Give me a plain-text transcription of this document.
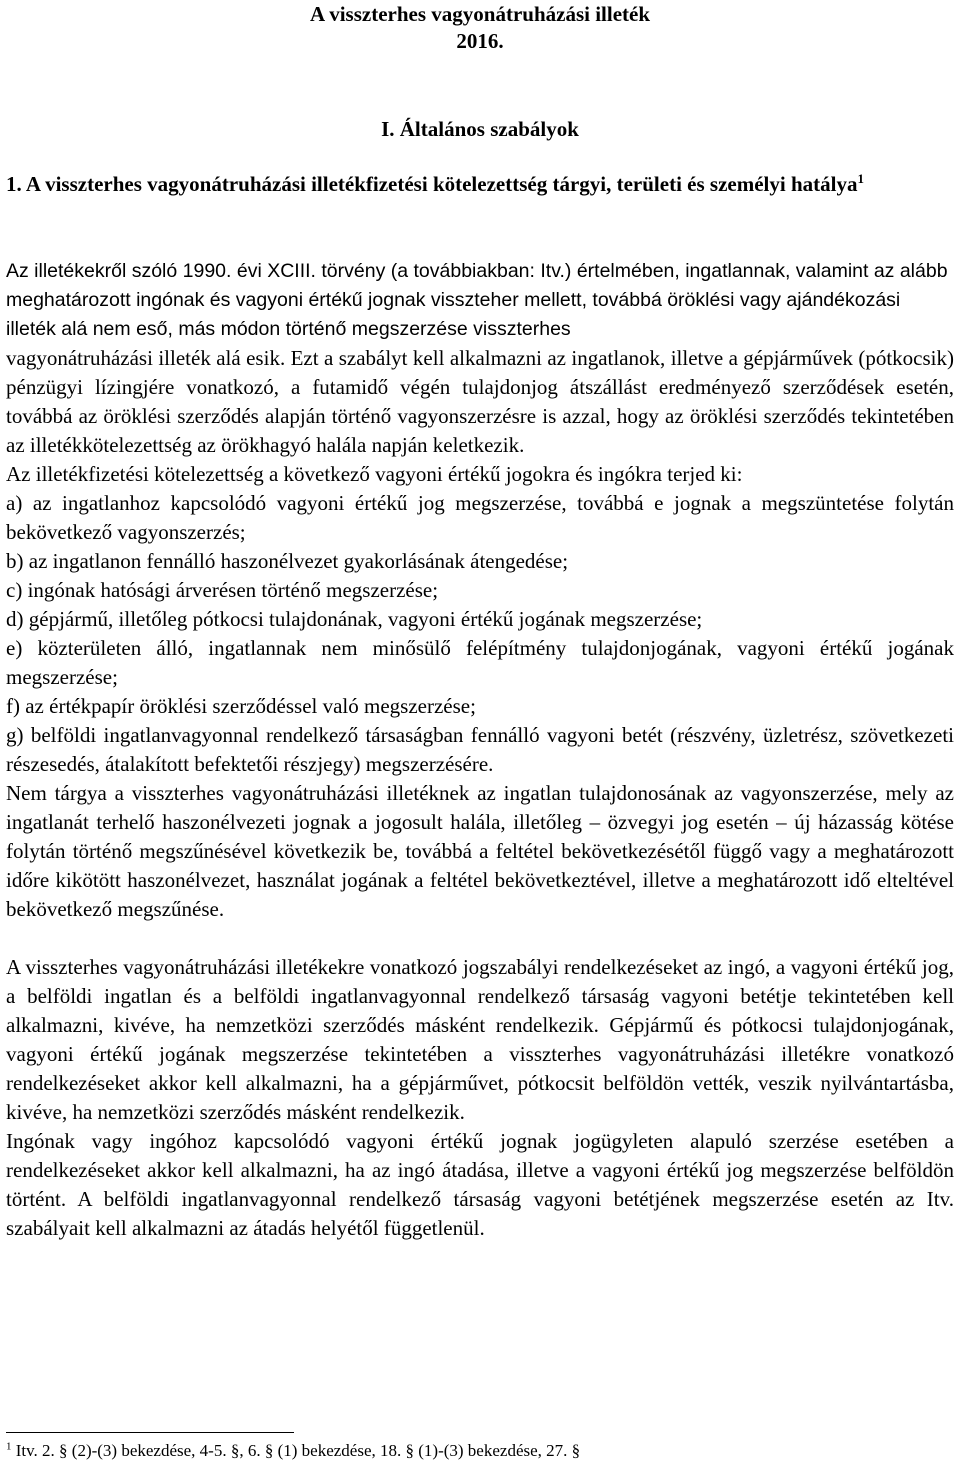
A visszterhes vagyonátruházási illeték
2016.
I. Általános szabályok
1. A visszterhes vagyonátruházási illetékfizetési kötelezettség tárgyi, területi és személyi hatálya$^1$

Az illetékekről szóló 1990. évi XCIII. törvény (a továbbiakban: Itv.) értelmében, ingatlannak, valamint az alább meghatározott ingónak és vagyoni értékű jognak visszteher mellett, továbbá öröklési vagy ajándékozási illeték alá nem eső, más módon történő megszerzése visszterhes

vagyonátruházási illeték alá esik. Ezt a szabályt kell alkalmazni az ingatlanok, illetve a gépjárművek (pótkocsik) pénzügyi lízingjére vonatkozó, a futamidő végén tulajdonjog átszállást eredményező szerződések esetén, továbbá az öröklési szerződés alapján történő vagyonszerzésre is azzal, hogy az öröklési szerződés tekintetében az illetékkötelezettség az örökhagyó halála napján keletkezik.

Az illetékfizetési kötelezettség a következő vagyoni értékű jogokra és ingókra terjed ki:

a) az ingatlanhoz kapcsolódó vagyoni értékű jog megszerzése, továbbá e jognak a megszüntetése folytán bekövetkező vagyonszerzés;

b) az ingatlanon fennálló haszonélvezet gyakorlásának átengedése;

c) ingónak hatósági árverésen történő megszerzése;

d) gépjármű, illetőleg pótkocsi tulajdonának, vagyoni értékű jogának megszerzése;

e) közterületen álló, ingatlannak nem minősülő felépítmény tulajdonjogának, vagyoni értékű jogának megszerzése;

f) az értékpapír öröklési szerződéssel való megszerzése;

g) belföldi ingatlanvagyonnal rendelkező társaságban fennálló vagyoni betét (részvény, üzletrész, szövetkezeti részesedés, átalakított befektetői részjegy) megszerzésére.

Nem tárgya a visszterhes vagyonátruházási illetéknek az ingatlan tulajdonosának az vagyonszerzése, mely az ingatlanát terhelő haszonélvezeti jognak a jogosult halála, illetőleg – özvegyi jog esetén – új házasság kötése folytán történő megszűnésével következik be, továbbá a feltétel bekövetkezésétől függő vagy a meghatározott időre kikötött haszonélvezet, használat jogának a feltétel bekövetkeztével, illetve a meghatározott idő elteltével bekövetkező megszűnése.

A visszterhes vagyonátruházási illetékekre vonatkozó jogszabályi rendelkezéseket az ingó, a vagyoni értékű jog, a belföldi ingatlan és a belföldi ingatlanvagyonnal rendelkező társaság vagyoni betétje tekintetében kell alkalmazni, kivéve, ha nemzetközi szerződés másként rendelkezik. Gépjármű és pótkocsi tulajdonjogának, vagyoni értékű jogának megszerzése tekintetében a visszterhes vagyonátruházási illetékre vonatkozó rendelkezéseket akkor kell alkalmazni, ha a gépjárművet, pótkocsit belföldön vették, veszik nyilvántartásba, kivéve, ha nemzetközi szerződés másként rendelkezik.

Ingónak vagy ingóhoz kapcsolódó vagyoni értékű jognak jogügyleten alapuló szerzése esetében a rendelkezéseket akkor kell alkalmazni, ha az ingó átadása, illetve a vagyoni értékű jog megszerzése belföldön történt. A belföldi ingatlanvagyonnal rendelkező társaság vagyoni betétjének megszerzése esetén az Itv. szabályait kell alkalmazni az átadás helyétől függetlenül.

$^1$ Itv. 2. § (2)-(3) bekezdése, 4-5. §, 6. § (1) bekezdése, 18. § (1)-(3) bekezdése, 27. §
